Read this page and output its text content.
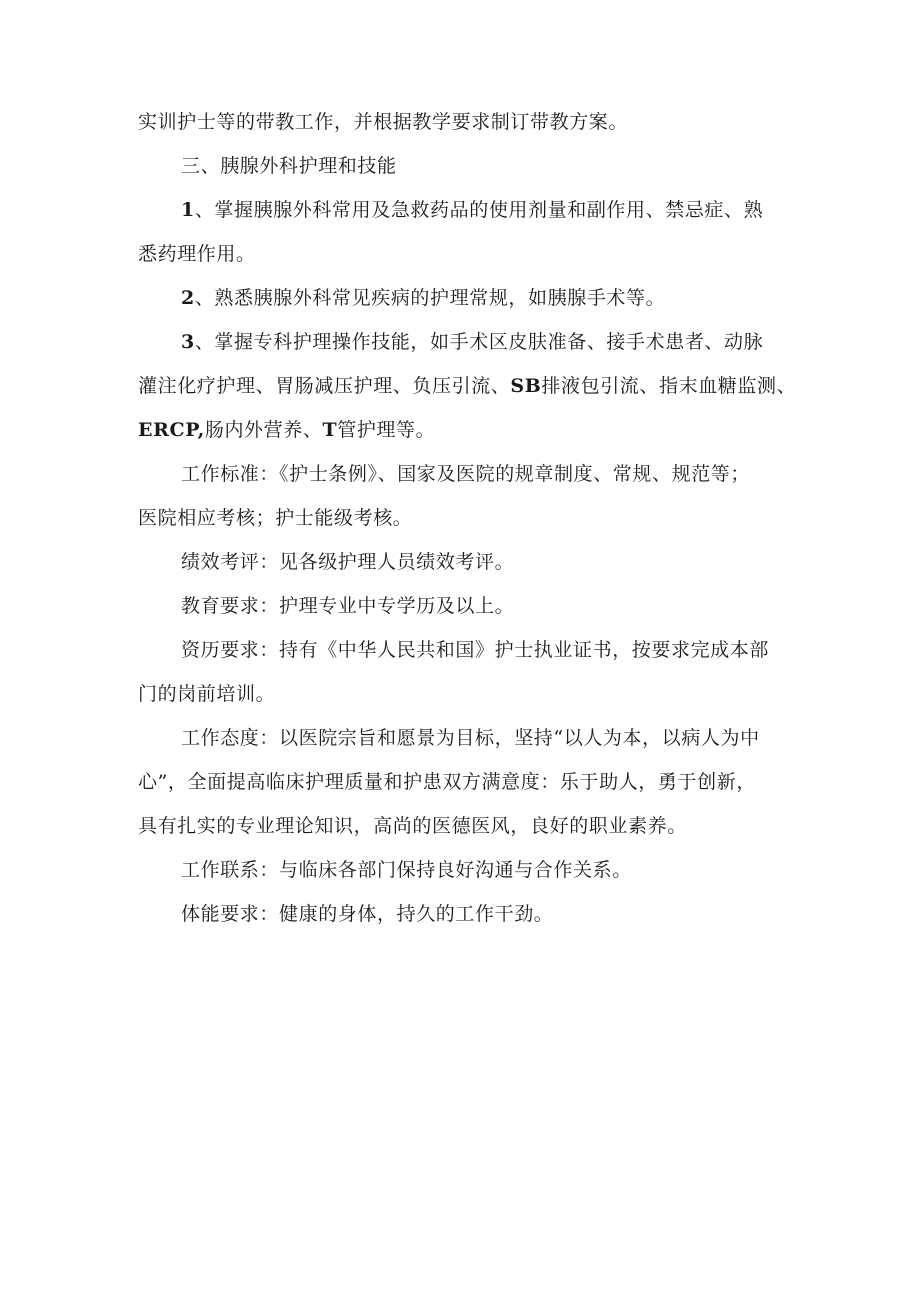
实训护士等的带教工作，并根据教学要求制订带教方案。
三、胰腺外科护理和技能
1、掌握胰腺外科常用及急救药品的使用剂量和副作用、禁忌症、熟
悉药理作用。
2、熟悉胰腺外科常见疾病的护理常规，如胰腺手术等。
3、掌握专科护理操作技能，如手术区皮肤准备、接手术患者、动脉
灌注化疗护理、胃肠减压护理、负压引流、SB排液包引流、指末血糖监测、
ERCP,肠内外营养、T管护理等。
工作标准：《护士条例》、国家及医院的规章制度、常规、规范等；
医院相应考核；护士能级考核。
绩效考评：见各级护理人员绩效考评。
教育要求：护理专业中专学历及以上。
资历要求：持有《中华人民共和国》护士执业证书，按要求完成本部
门的岗前培训。
工作态度：以医院宗旨和愿景为目标，坚持“以人为本，以病人为中
心”，全面提高临床护理质量和护患双方满意度：乐于助人，勇于创新，
具有扎实的专业理论知识，高尚的医德医风，良好的职业素养。
工作联系：与临床各部门保持良好沟通与合作关系。
体能要求：健康的身体，持久的工作干劲。
